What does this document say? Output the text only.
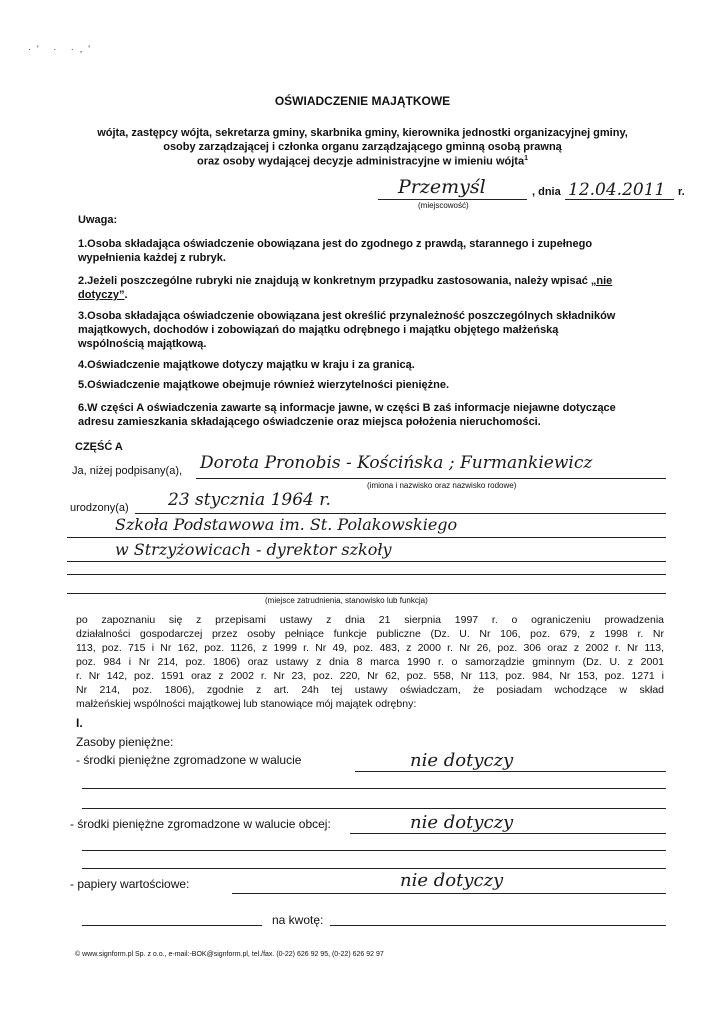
·' · ·,'
OŚWIADCZENIE MAJĄTKOWE
wójta, zastępcy wójta, sekretarza gminy, skarbnika gminy, kierownika jednostki organizacyjnej gminy,
osoby zarządzającej i członka organu zarządzającego gminną osobą prawną
oraz osoby wydającej decyzje administracyjne w imieniu wójta$^1$
Przemyśl
(miejscowość)
, dnia 12.04.2011 r.
Uwaga:
1.Osoba składająca oświadczenie obowiązana jest do zgodnego z prawdą, starannego i zupełnego
wypełnienia każdej z rubryk.
2.Jeżeli poszczególne rubryki nie znajdują w konkretnym przypadku zastosowania, należy wpisać „nie
dotyczy”.
3.Osoba składająca oświadczenie obowiązana jest określić przynależność poszczególnych składników
majątkowych, dochodów i zobowiązań do majątku odrębnego i majątku objętego małżeńską
wspólnością majątkową.
4.Oświadczenie majątkowe dotyczy majątku w kraju i za granicą.
5.Oświadczenie majątkowe obejmuje również wierzytelności pieniężne.
6.W części A oświadczenia zawarte są informacje jawne, w części B zaś informacje niejawne dotyczące
adresu zamieszkania składającego oświadczenie oraz miejsca położenia nieruchomości.
CZĘŚĆ A
Ja, niżej podpisany(a), Dorota Pronobis - Kościńska ; Furmankiewicz
(imiona i nazwisko oraz nazwisko rodowe)
urodzony(a) 23 stycznia 1964 r.
Szkoła Podstawowa im. St. Polakowskiego
w Strzyżowicach - dyrektor szkoły
(miejsce zatrudnienia, stanowisko lub funkcja)
po zapoznaniu się z przepisami ustawy z dnia 21 sierpnia 1997 r. o ograniczeniu prowadzenia
działalności gospodarczej przez osoby pełniące funkcje publiczne (Dz. U. Nr 106, poz. 679, z 1998 r. Nr
113, poz. 715 i Nr 162, poz. 1126, z 1999 r. Nr 49, poz. 483, z 2000 r. Nr 26, poz. 306 oraz z 2002 r. Nr 113,
poz. 984 i Nr 214, poz. 1806) oraz ustawy z dnia 8 marca 1990 r. o samorządzie gminnym (Dz. U. z 2001
r. Nr 142, poz. 1591 oraz z 2002 r. Nr 23, poz. 220, Nr 62, poz. 558, Nr 113, poz. 984, Nr 153, poz. 1271 i
Nr 214, poz. 1806), zgodnie z art. 24h tej ustawy oświadczam, że posiadam wchodzące w skład
małżeńskiej wspólności majątkowej lub stanowiące mój majątek odrębny:
I.
Zasoby pieniężne:
- środki pieniężne zgromadzone w walucie	nie dotyczy
- środki pieniężne zgromadzone w walucie obcej:	nie dotyczy
- papiery wartościowe:	nie dotyczy
na kwotę:
© www.signform.pl Sp. z o.o., e-mail:-BOK@signform.pl, tel./fax. (0-22) 626 92 95, (0-22) 626 92 97
